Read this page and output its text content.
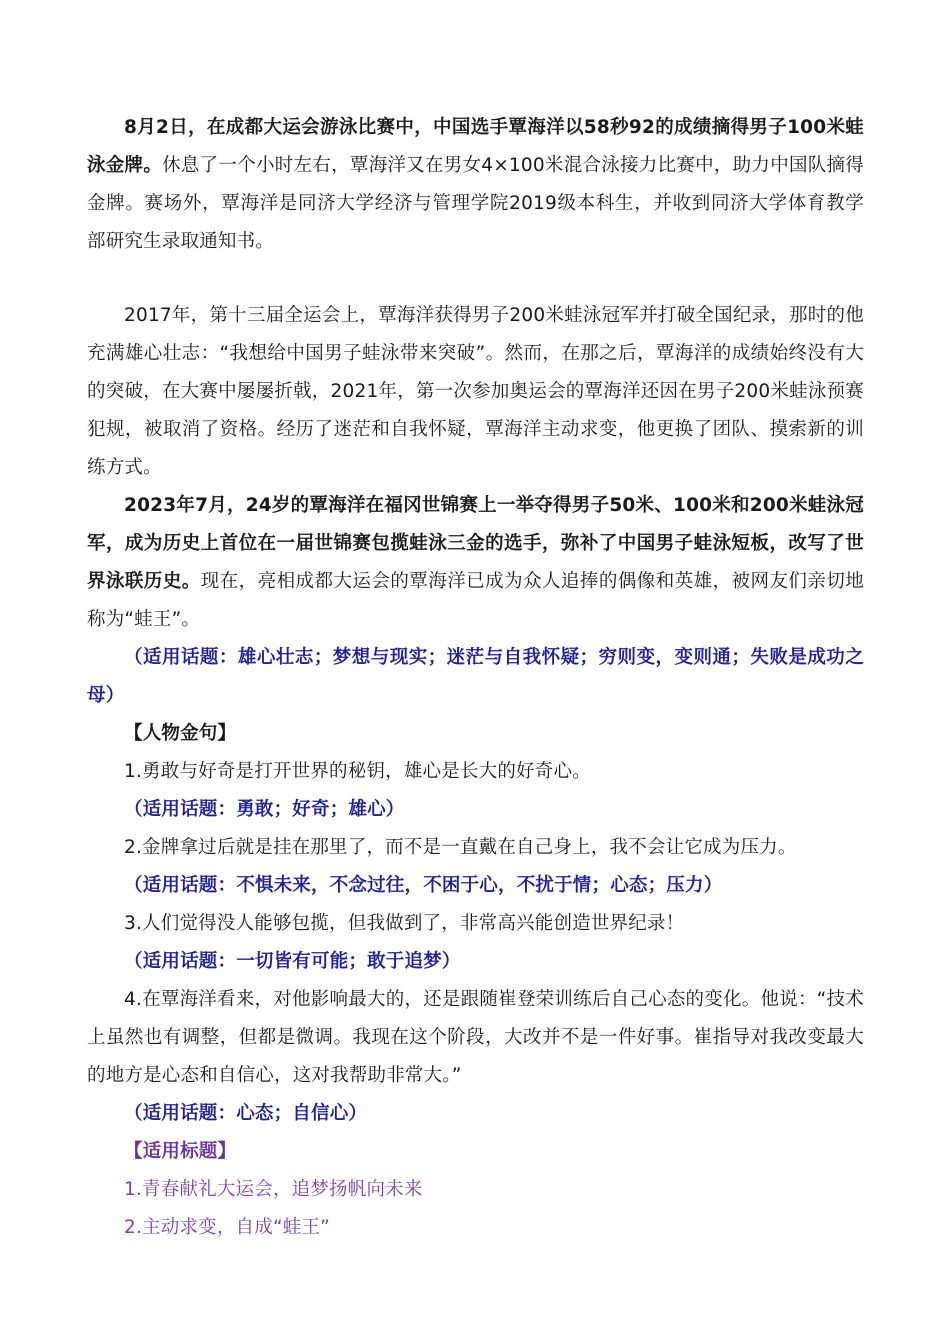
8月2日，在成都大运会游泳比赛中，中国选手覃海洋以58秒92的成绩摘得男子100米蛙泳金牌。休息了一个小时左右，覃海洋又在男女4×100米混合泳接力比赛中，助力中国队摘得金牌。赛场外，覃海洋是同济大学经济与管理学院2019级本科生，并收到同济大学体育教学部研究生录取通知书。

2017年，第十三届全运会上，覃海洋获得男子200米蛙泳冠军并打破全国纪录，那时的他充满雄心壮志：“我想给中国男子蛙泳带来突破”。然而，在那之后，覃海洋的成绩始终没有大的突破，在大赛中屡屡折戟，2021年，第一次参加奥运会的覃海洋还因在男子200米蛙泳预赛犯规，被取消了资格。经历了迷茫和自我怀疑，覃海洋主动求变，他更换了团队、摸索新的训练方式。

2023年7月，24岁的覃海洋在福冈世锦赛上一举夺得男子50米、100米和200米蛙泳冠军，成为历史上首位在一届世锦赛包揽蛙泳三金的选手，弥补了中国男子蛙泳短板，改写了世界泳联历史。现在，亮相成都大运会的覃海洋已成为众人追捧的偶像和英雄，被网友们亲切地称为“蛙王”。

（适用话题：雄心壮志；梦想与现实；迷茫与自我怀疑；穷则变，变则通；失败是成功之母）

【人物金句】

1.勇敢与好奇是打开世界的秘钥，雄心是长大的好奇心。

（适用话题：勇敢；好奇；雄心）

2.金牌拿过后就是挂在那里了，而不是一直戴在自己身上，我不会让它成为压力。

（适用话题：不惧未来，不念过往，不困于心，不扰于情；心态；压力）

3.人们觉得没人能够包揽，但我做到了，非常高兴能创造世界纪录！

（适用话题：一切皆有可能；敢于追梦）

4.在覃海洋看来，对他影响最大的，还是跟随崔登荣训练后自己心态的变化。他说：“技术上虽然也有调整，但都是微调。我现在这个阶段，大改并不是一件好事。崔指导对我改变最大的地方是心态和自信心，这对我帮助非常大。”

（适用话题：心态；自信心）

【适用标题】

1.青春献礼大运会，追梦扬帆向未来

2.主动求变，自成“蛙王”
